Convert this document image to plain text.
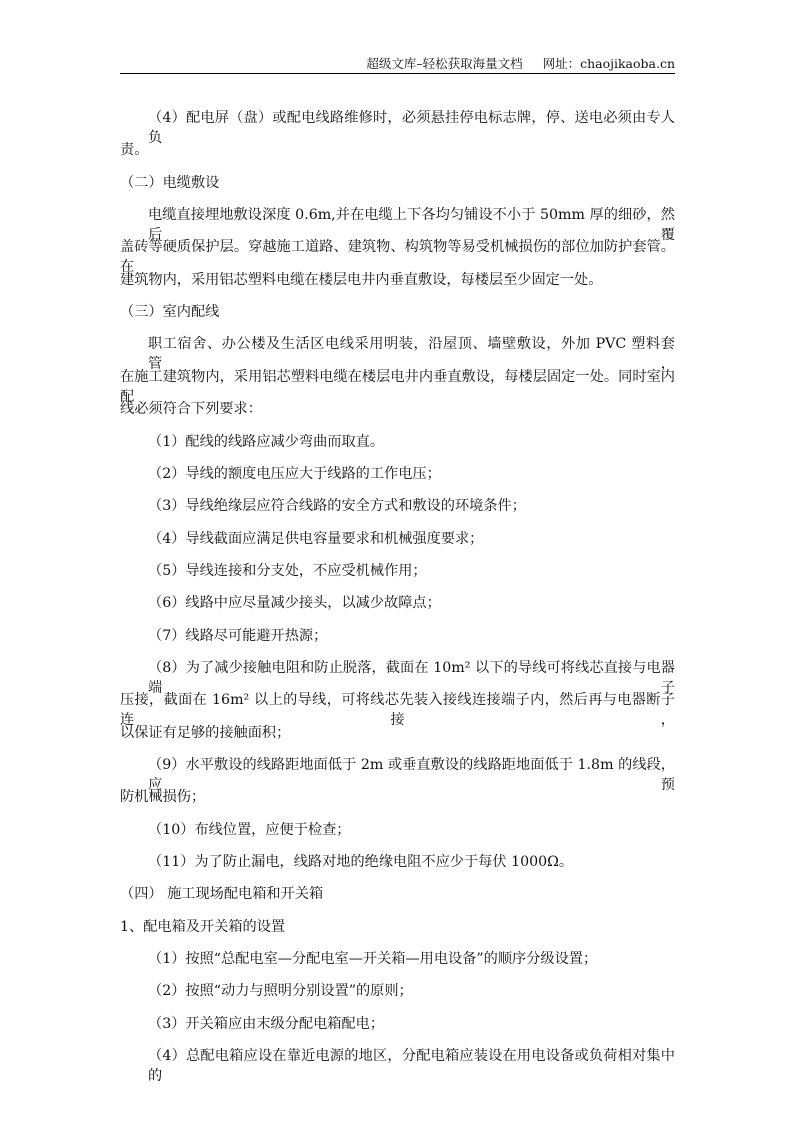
超级文库–轻松获取海量文档 网址：chaojikaoba.cn
（4）配电屏（盘）或配电线路维修时，必须悬挂停电标志牌，停、送电必须由专人负
责。
（二）电缆敷设
电缆直接埋地敷设深度 0.6m,并在电缆上下各均匀铺设不小于 50mm 厚的细砂，然后覆
盖砖等硬质保护层。穿越施工道路、建筑物、构筑物等易受机械损伤的部位加防护套管。在
建筑物内，采用铝芯塑料电缆在楼层电井内垂直敷设，每楼层至少固定一处。
（三）室内配线
职工宿舍、办公楼及生活区电线采用明装，沿屋顶、墙壁敷设，外加 PVC 塑料套管，
在施工建筑物内，采用铝芯塑料电缆在楼层电井内垂直敷设，每楼层固定一处。同时室内配
线必须符合下列要求：
（1）配线的线路应减少弯曲而取直。
（2）导线的额度电压应大于线路的工作电压；
（3）导线绝缘层应符合线路的安全方式和敷设的环境条件；
（4）导线截面应满足供电容量要求和机械强度要求；
（5）导线连接和分支处，不应受机械作用；
（6）线路中应尽量减少接头，以减少故障点；
（7）线路尽可能避开热源；
（8）为了减少接触电阻和防止脱落，截面在 10m² 以下的导线可将线芯直接与电器端子
压接，截面在 16m² 以上的导线，可将线芯先装入接线连接端子内，然后再与电器断子连接，
以保证有足够的接触面积；
（9）水平敷设的线路距地面低于 2m 或垂直敷设的线路距地面低于 1.8m 的线段，应预
防机械损伤；
（10）布线位置，应便于检查；
（11）为了防止漏电，线路对地的绝缘电阻不应少于每伏 1000Ω。
（四） 施工现场配电箱和开关箱
1、配电箱及开关箱的设置
（1）按照“总配电室—分配电室—开关箱—用电设备”的顺序分级设置；
（2）按照“动力与照明分别设置”的原则；
（3）开关箱应由末级分配电箱配电；
（4）总配电箱应设在靠近电源的地区，分配电箱应装设在用电设备或负荷相对集中的
